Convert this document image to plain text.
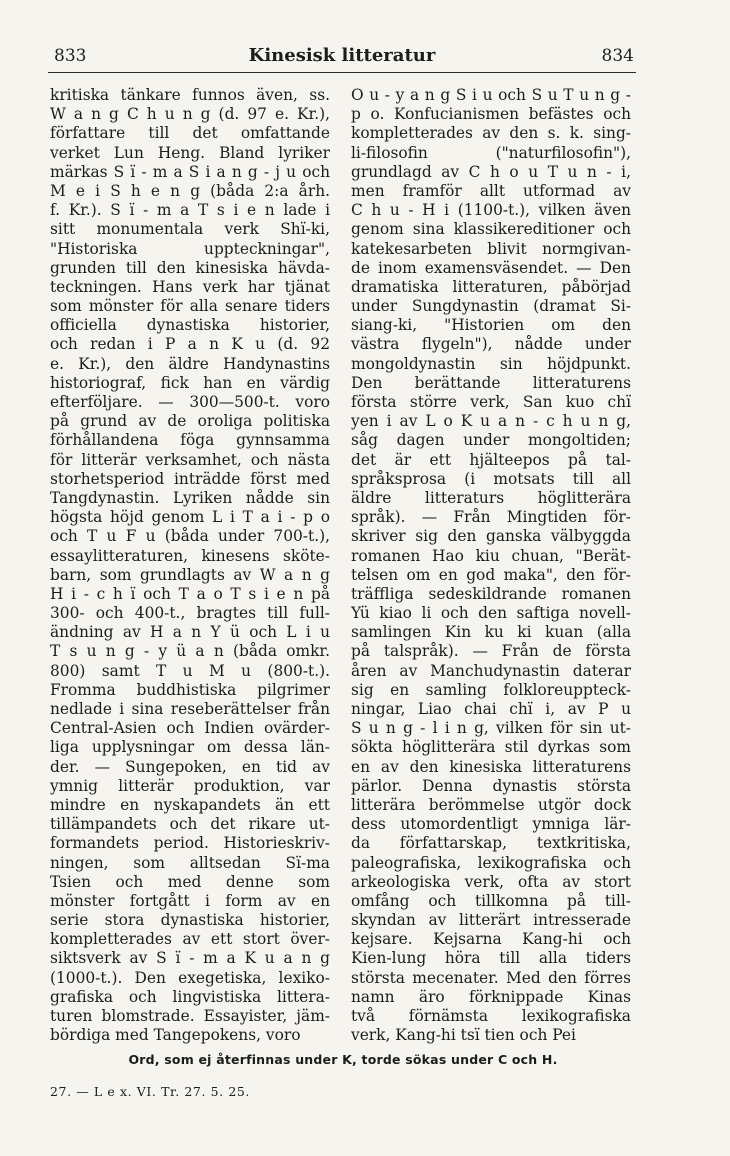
833	Kinesisk litteratur	834
kritiska tänkare funnos även, ss.
W a n g C h u n g (d. 97 e. Kr.),
författare till det omfattande
verket Lun Heng. Bland lyriker
märkas S ï - m a S i a n g - j u och
M e i S h e n g (båda 2:a årh.
f. Kr.). S ï - m a T s i e n lade i
sitt monumentala verk Shï-ki,
"Historiska uppteckningar",
grunden till den kinesiska hävda-
teckningen. Hans verk har tjänat
som mönster för alla senare tiders
officiella dynastiska historier,
och redan i P a n K u (d. 92
e. Kr.), den äldre Handynastins
historiograf, fick han en värdig
efterföljare. — 300—500-t. voro
på grund av de oroliga politiska
förhållandena föga gynnsamma
för litterär verksamhet, och nästa
storhetsperiod inträdde först med
Tangdynastin. Lyriken nådde sin
högsta höjd genom L i T a i - p o
och T u F u (båda under 700-t.),
essaylitteraturen, kinesens sköte-
barn, som grundlagts av W a n g
H i - c h ï och T a o T s i e n på
300- och 400-t., bragtes till full-
ändning av H a n Y ü och L i u
T s u n g - y ü a n (båda omkr.
800) samt T u M u (800-t.).
Fromma buddhistiska pilgrimer
nedlade i sina reseberättelser från
Central-Asien och Indien ovärder-
liga upplysningar om dessa län-
der. — Sungepoken, en tid av
ymnig litterär produktion, var
mindre en nyskapandets än ett
tillämpandets och det rikare ut-
formandets period. Historieskriv-
ningen, som alltsedan Sï-ma
Tsien och med denne som
mönster fortgått i form av en
serie stora dynastiska historier,
kompletterades av ett stort över-
siktsverk av S ï - m a K u a n g
(1000-t.). Den exegetiska, lexiko-
grafiska och lingvistiska littera-
turen blomstrade. Essayister, jäm-
bördiga med Tangepokens, voro
O u - y a n g S i u och S u T u n g -
p o. Konfucianismen befästes och
kompletterades av den s. k. sing-
li-filosofin ("naturfilosofin"),
grundlagd av C h o u T u n - i,
men framför allt utformad av
C h u - H i (1100-t.), vilken även
genom sina klassikereditioner och
katekesarbeten blivit normgivan-
de inom examensväsendet. — Den
dramatiska litteraturen, påbörjad
under Sungdynastin (dramat Si-
siang-ki, "Historien om den
västra flygeln"), nådde under
mongoldynastin sin höjdpunkt.
Den berättande litteraturens
första större verk, San kuo chï
yen i av L o K u a n - c h u n g,
såg dagen under mongoltiden;
det är ett hjälteepos på tal-
språksprosa (i motsats till all
äldre litteraturs höglitterära
språk). — Från Mingtiden för-
skriver sig den ganska välbyggda
romanen Hao kiu chuan, "Berät-
telsen om en god maka", den för-
träffliga sedeskildrande romanen
Yü kiao li och den saftiga novell-
samlingen Kin ku ki kuan (alla
på talspråk). — Från de första
åren av Manchudynastin daterar
sig en samling folkloreuppteck-
ningar, Liao chai chï i, av P u
S u n g - l i n g, vilken för sin ut-
sökta höglitterära stil dyrkas som
en av den kinesiska litteraturens
pärlor. Denna dynastis största
litterära berömmelse utgör dock
dess utomordentligt ymniga lär-
da författarskap, textkritiska,
paleografiska, lexikografiska och
arkeologiska verk, ofta av stort
omfång och tillkomna på till-
skyndan av litterärt intresserade
kejsare. Kejsarna Kang-hi och
Kien-lung höra till alla tiders
största mecenater. Med den förres
namn äro förknippade Kinas
två förnämsta lexikografiska
verk, Kang-hi tsï tien och Pei
Ord, som ej återfinnas under K, torde sökas under C och H.
27. — L e x. VI. Tr. 27. 5. 25.
